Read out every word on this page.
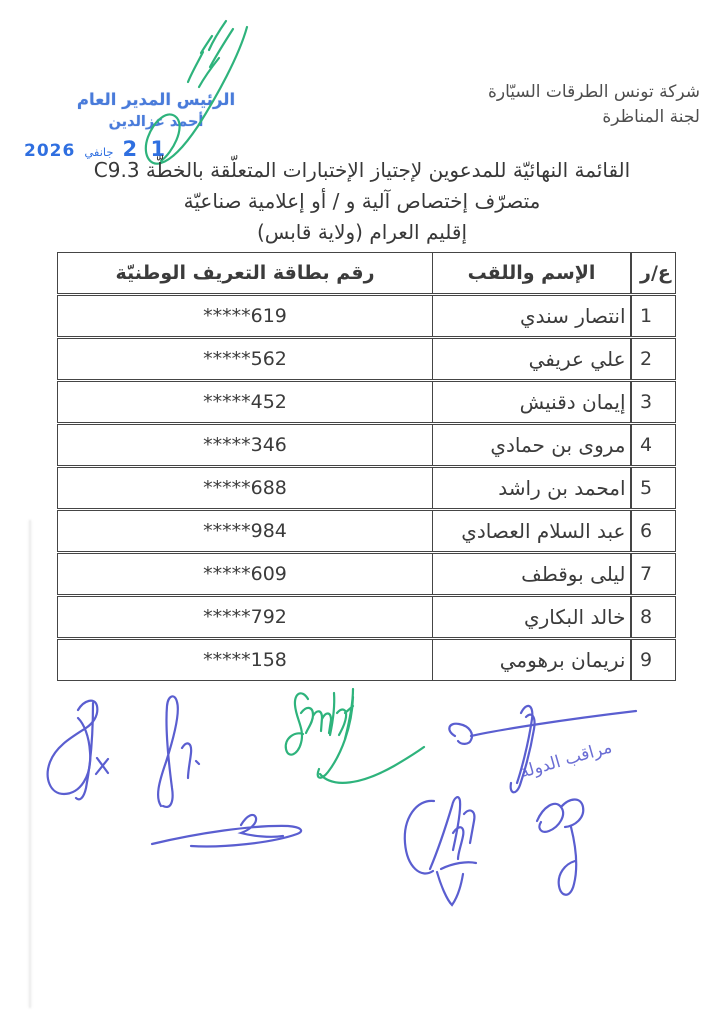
شركة تونس الطرقات السيّارة
لجنة المناظرة
الرئيس المدير العام
أحمد عزالدين
1 2
جانفي
2026
القائمة النهائيّة للمدعوين لإجتياز الإختبارات المتعلّقة بالخطّة C9.3
متصرّف إختصاص آلية و / أو إعلامية صناعيّة
إقليم العرام (ولاية قابس)
ع/ر
الإسم واللقب
رقم بطاقة التعريف الوطنيّة
1
انتصار سندي
*****619
2
علي عريفي
*****562
3
إيمان دقنيش
*****452
4
مروى بن حمادي
*****346
5
امحمد بن راشد
*****688
6
عبد السلام العصادي
*****984
7
ليلى بوقطف
*****609
8
خالد البكاري
*****792
9
نريمان برهومي
*****158
مراقب الدولة
